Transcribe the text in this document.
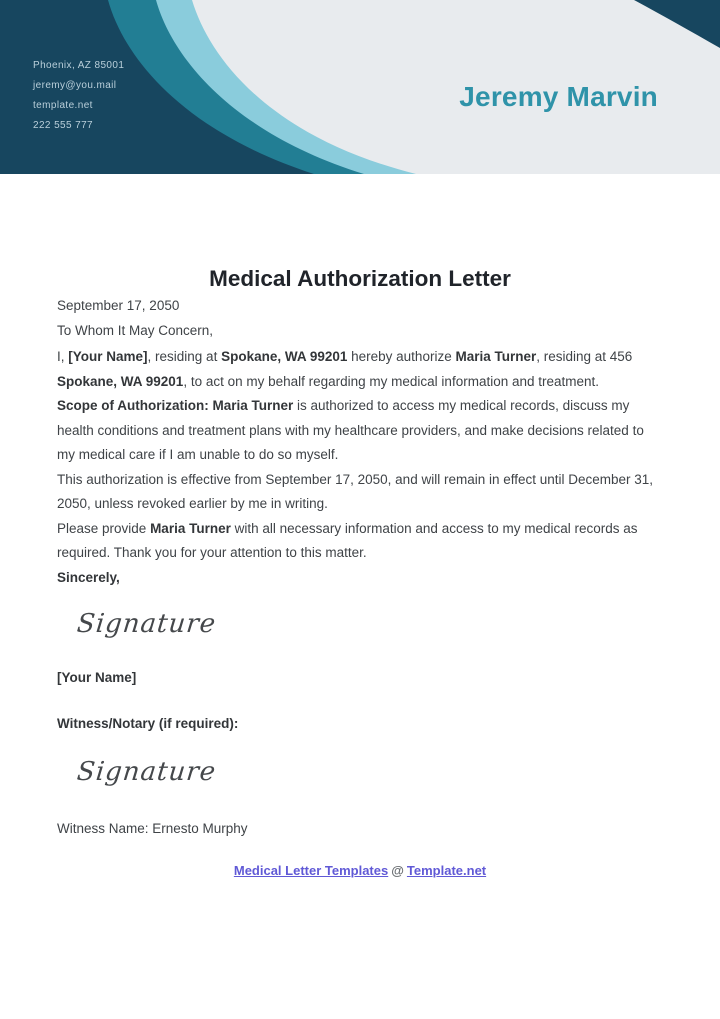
Phoenix, AZ 85001
jeremy@you.mail
template.net
222 555 777
Jeremy Marvin
Medical Authorization Letter
September 17, 2050
To Whom It May Concern,

I, [Your Name], residing at Spokane, WA 99201 hereby authorize Maria Turner, residing at 456 Spokane, WA 99201, to act on my behalf regarding my medical information and treatment.

Scope of Authorization: Maria Turner is authorized to access my medical records, discuss my health conditions and treatment plans with my healthcare providers, and make decisions related to my medical care if I am unable to do so myself.

This authorization is effective from September 17, 2050, and will remain in effect until December 31, 2050, unless revoked earlier by me in writing.

Please provide Maria Turner with all necessary information and access to my medical records as required. Thank you for your attention to this matter.

Sincerely,
Signature
[Your Name]
Witness/Notary (if required):
Signature
Witness Name: Ernesto Murphy
Medical Letter Templates @ Template.net
